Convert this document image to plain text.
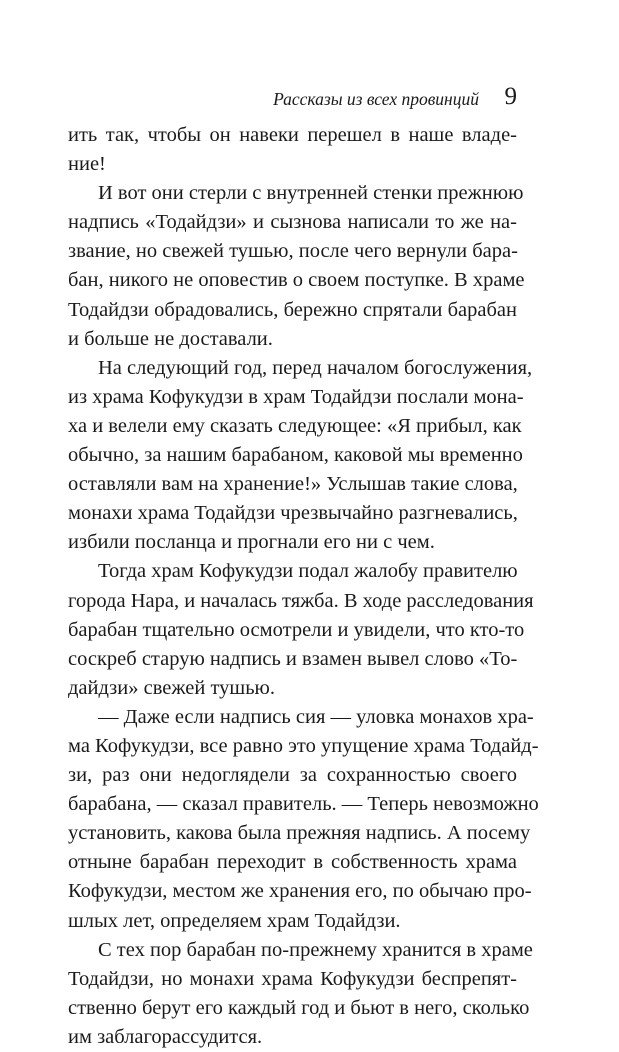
Рассказы из всех провинций 9
ить так, чтобы он навеки перешел в наше владе-
ние!
И вот они стерли с внутренней стенки прежнюю
надпись «Тодайдзи» и сызнова написали то же на-
звание, но свежей тушью, после чего вернули бара-
бан, никого не оповестив о своем поступке. В храме
Тодайдзи обрадовались, бережно спрятали барабан
и больше не доставали.
На следующий год, перед началом богослужения,
из храма Кофукудзи в храм Тодайдзи послали мона-
ха и велели ему сказать следующее: «Я прибыл, как
обычно, за нашим барабаном, каковой мы временно
оставляли вам на хранение!» Услышав такие слова,
монахи храма Тодайдзи чрезвычайно разгневались,
избили посланца и прогнали его ни с чем.
Тогда храм Кофукудзи подал жалобу правителю
города Нара, и началась тяжба. В ходе расследования
барабан тщательно осмотрели и увидели, что кто-то
соскреб старую надпись и взамен вывел слово «То-
дайдзи» свежей тушью.
— Даже если надпись сия — уловка монахов хра-
ма Кофукудзи, все равно это упущение храма Тодайд-
зи, раз они недоглядели за сохранностью своего
барабана, — сказал правитель. — Теперь невозможно
установить, какова была прежняя надпись. А посему
отныне барабан переходит в собственность храма
Кофукудзи, местом же хранения его, по обычаю про-
шлых лет, определяем храм Тодайдзи.
С тех пор барабан по-прежнему хранится в храме
Тодайдзи, но монахи храма Кофукудзи беспрепят-
ственно берут его каждый год и бьют в него, сколько
им заблагорассудится.
